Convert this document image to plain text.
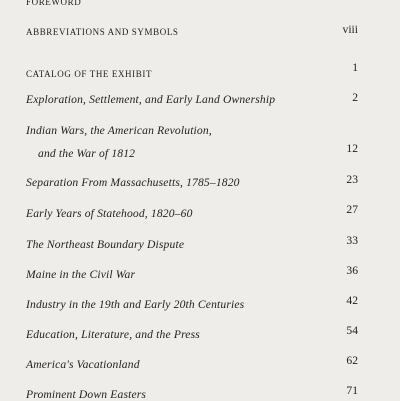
FOREWORD
ABBREVIATIONS AND SYMBOLS	viii
CATALOG OF THE EXHIBIT	1
Exploration, Settlement, and Early Land Ownership	2
Indian Wars, the American Revolution,
and the War of 1812	12
Separation From Massachusetts, 1785–1820	23
Early Years of Statehood, 1820–60	27
The Northeast Boundary Dispute	33
Maine in the Civil War	36
Industry in the 19th and Early 20th Centuries	42
Education, Literature, and the Press	54
America's Vacationland	62
Prominent Down Easters	71
